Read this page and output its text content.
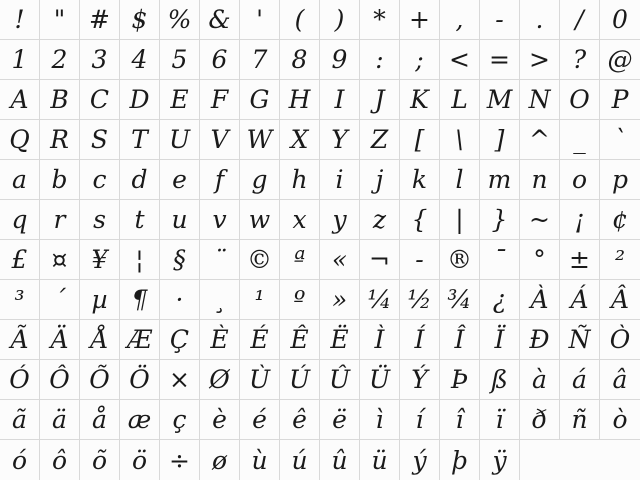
!	" # $ % &	'	(	)	* +	,	-	.	/	0
1 2 3 4 5 6 7 8 9	:	;	< = > ? @
A B C D E F G H I	J	K L M N O P
Q R S T U V W X Y Z	[	\	] ^ _	`
a b c d e	f	g h	i	j	k	l m n o p
q	r	s	t	u v w x	y	z	{	|	} ~ ¡	¢
£ ¤ ¥	¦	§	¨ © ª	« ¬	- ® ¯	° ±	²
³	´	µ ¶	·	¸	¹	º	» ¼ ½ ¾ ¿ À Á Â
Ã Ä Å Æ Ç È É Ê Ë	Ì	Í	Î	Ï Ð Ñ Ò
Ó Ô Õ Ö × Ø Ù Ú Û Ü Ý Þ ß à	á	â
ã	ä	å æ ç	è	é	ê	ë	ì	í	î	ï	ð ñ ò
ó ô õ ö ÷ ø ù ú û ü ý þ ÿ
